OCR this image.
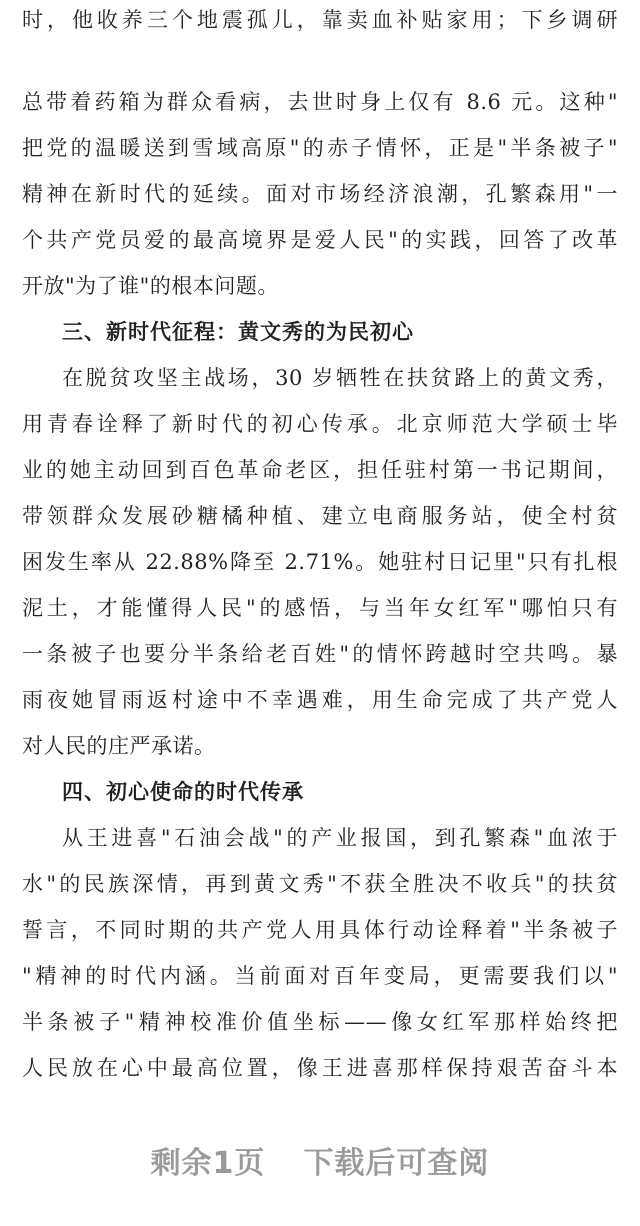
时，他收养三个地震孤儿，靠卖血补贴家用；下乡调研
总带着药箱为群众看病，去世时身上仅有 8.6 元。这种"
把党的温暖送到雪域高原"的赤子情怀，正是"半条被子"
精神在新时代的延续。面对市场经济浪潮，孔繁森用"一
个共产党员爱的最高境界是爱人民"的实践，回答了改革
开放"为了谁"的根本问题。
三、新时代征程：黄文秀的为民初心
在脱贫攻坚主战场，30 岁牺牲在扶贫路上的黄文秀，
用青春诠释了新时代的初心传承。北京师范大学硕士毕
业的她主动回到百色革命老区，担任驻村第一书记期间，
带领群众发展砂糖橘种植、建立电商服务站，使全村贫
困发生率从 22.88%降至 2.71%。她驻村日记里"只有扎根
泥土，才能懂得人民"的感悟，与当年女红军"哪怕只有
一条被子也要分半条给老百姓"的情怀跨越时空共鸣。暴
雨夜她冒雨返村途中不幸遇难，用生命完成了共产党人
对人民的庄严承诺。
四、初心使命的时代传承
从王进喜"石油会战"的产业报国，到孔繁森"血浓于
水"的民族深情，再到黄文秀"不获全胜决不收兵"的扶贫
誓言，不同时期的共产党人用具体行动诠释着"半条被子
"精神的时代内涵。当前面对百年变局，更需要我们以"
半条被子"精神校准价值坐标——像女红军那样始终把
人民放在心中最高位置，像王进喜那样保持艰苦奋斗本
剩余1页 下载后可查阅
